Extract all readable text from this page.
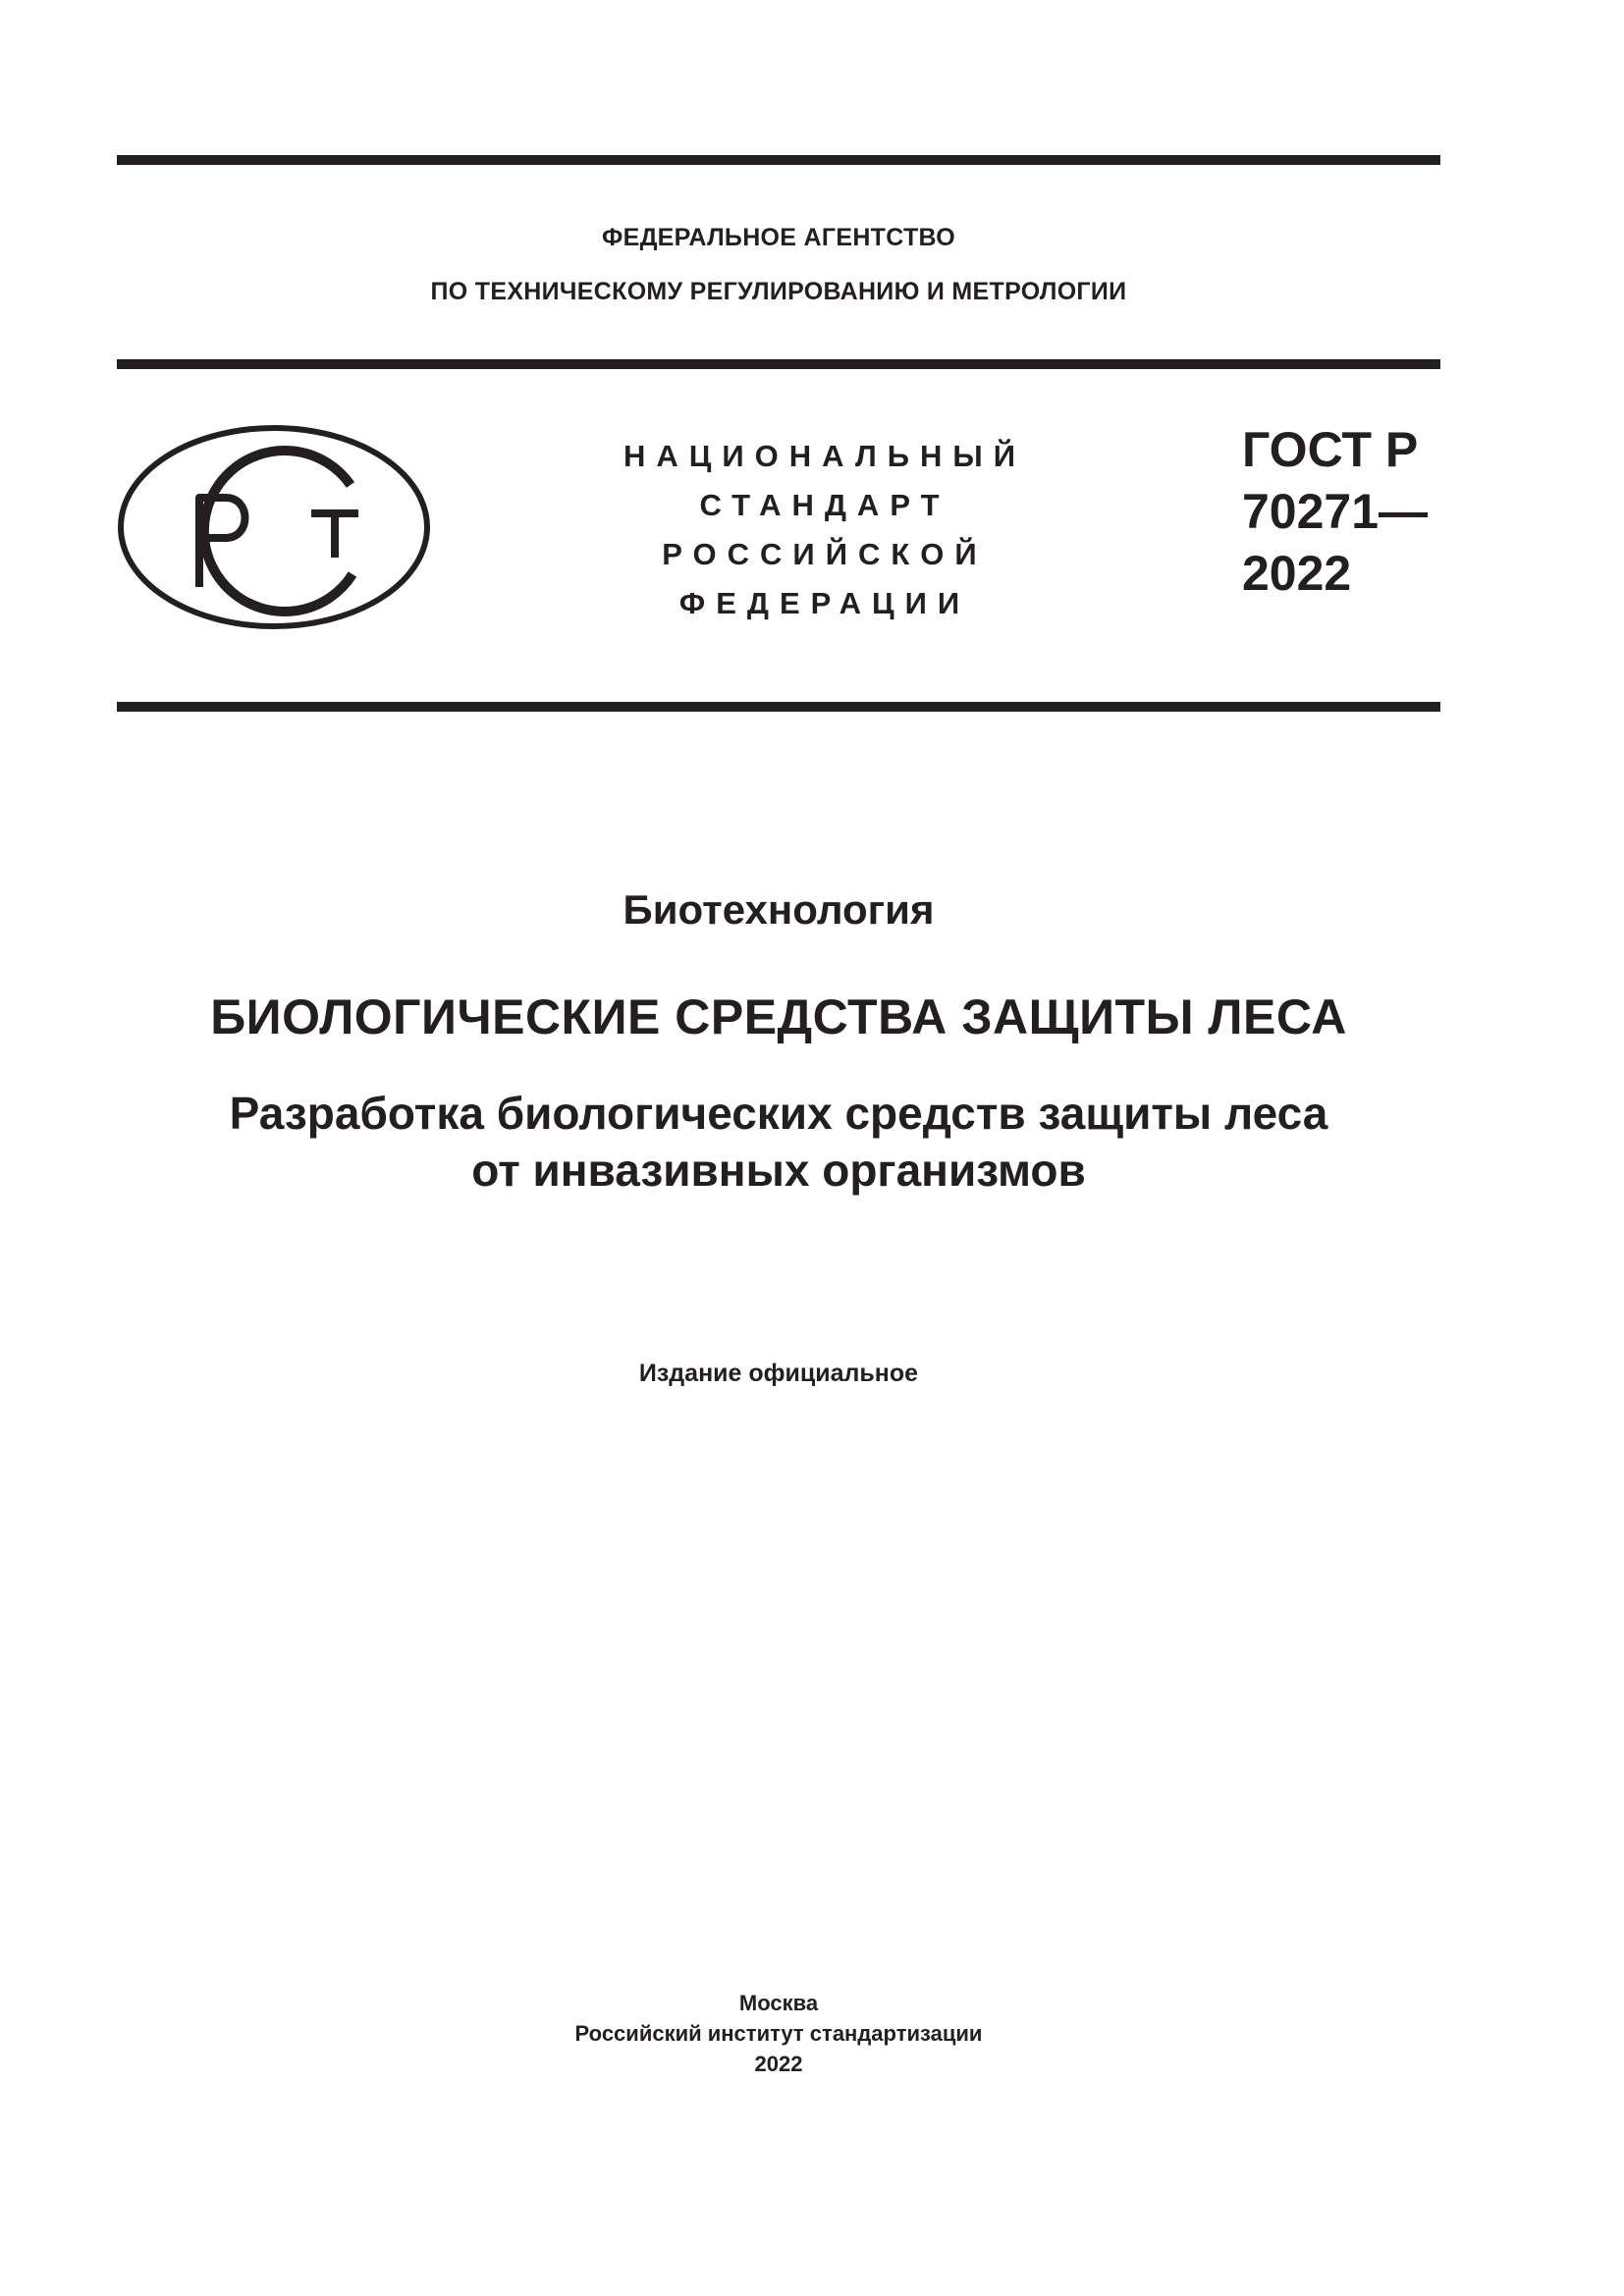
ФЕДЕРАЛЬНОЕ АГЕНТСТВО
ПО ТЕХНИЧЕСКОМУ РЕГУЛИРОВАНИЮ И МЕТРОЛОГИИ
НАЦИОНАЛЬНЫЙ
СТАНДАРТ
РОССИЙСКОЙ
ФЕДЕРАЦИИ
ГОСТ Р
70271—
2022
Биотехнология
БИОЛОГИЧЕСКИЕ СРЕДСТВА ЗАЩИТЫ ЛЕСА
Разработка биологических средств защиты леса
от инвазивных организмов
Издание официальное
Москва
Российский институт стандартизации
2022
